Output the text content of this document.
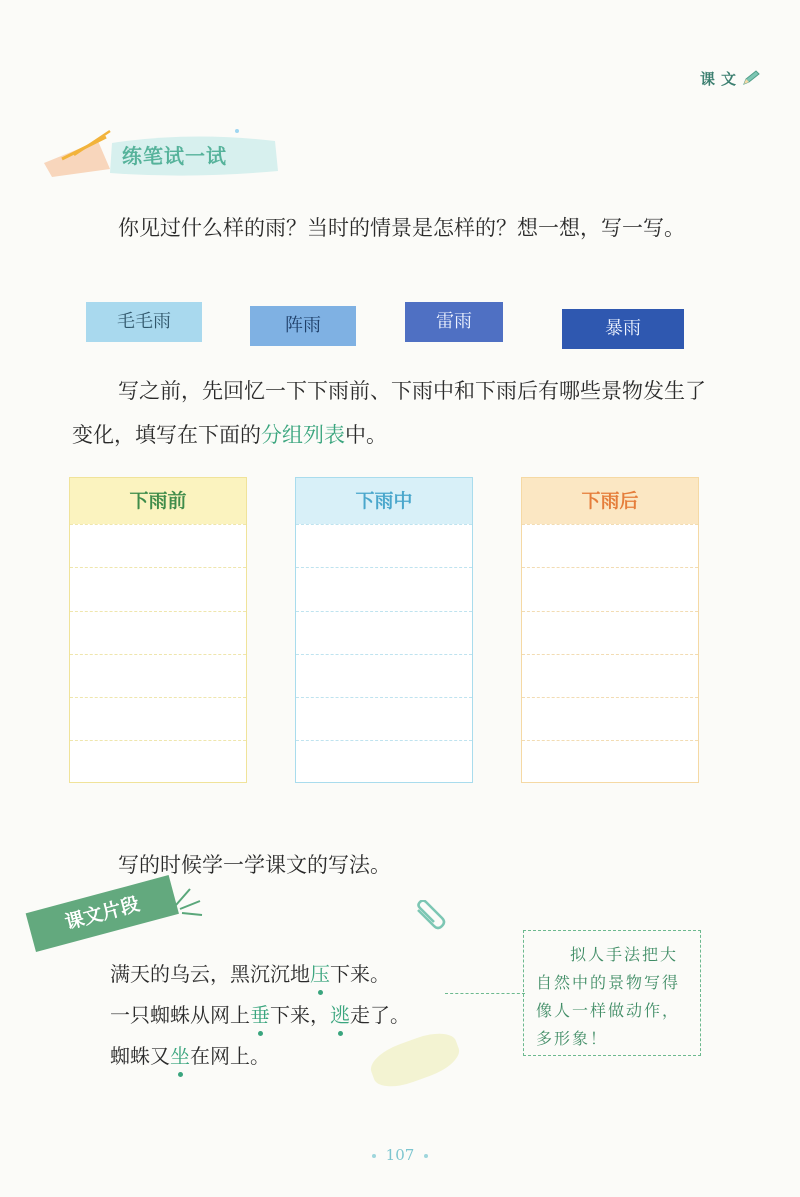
课文
练笔试一试
你见过什么样的雨？当时的情景是怎样的？想一想，写一写。
毛毛雨	阵雨	雷雨	暴雨
写之前，先回忆一下下雨前、下雨中和下雨后有哪些景物发生了变化，填写在下面的分组列表中。
下雨前	下雨中	下雨后
写的时候学一学课文的写法。
课文片段
满天的乌云，黑沉沉地压下来。
一只蜘蛛从网上垂下来，逃走了。
蜘蛛又坐在网上。
拟人手法把大自然中的景物写得像人一样做动作，多形象！
107
